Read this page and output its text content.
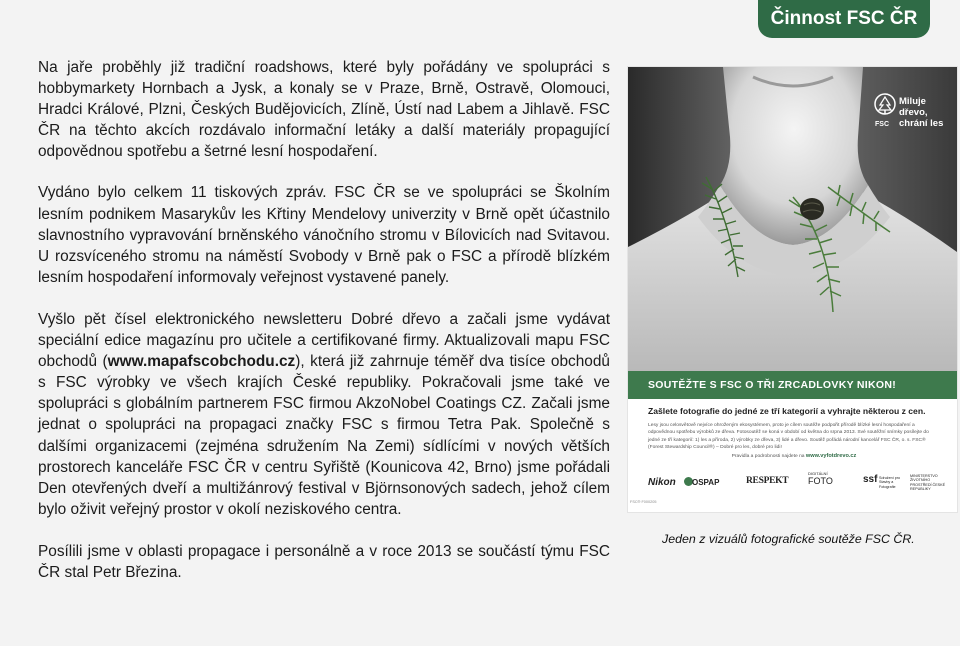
Činnost FSC ČR

Na jaře proběhly již tradiční roadshows, které byly pořádány ve spolupráci s hobbymarkety Hornbach a Jysk, a konaly se v Praze, Brně, Ostravě, Olomouci, Hradci Králové, Plzni, Českých Budějovicích, Zlíně, Ústí nad Labem a Jihlavě. FSC ČR na těchto akcích rozdávalo informační letáky a další materiály propagující odpovědnou spotřebu a šetrné lesní hospodaření.

Vydáno bylo celkem 11 tiskových zpráv. FSC ČR se ve spolupráci se Školním lesním podnikem Masarykův les Křtiny Mendelovy univerzity v Brně opět účastnilo slavnostního vypravování brněnského vánočního stromu v Bílovicích nad Svitavou. U rozsvíceného stromu na náměstí Svobody v Brně pak o FSC a přírodě blízkém lesním hospodaření informovaly veřejnost vystavené panely.

Vyšlo pět čísel elektronického newsletteru Dobré dřevo a začali jsme vydávat speciální edice magazínu pro učitele a certifikované firmy. Aktualizovali mapu FSC obchodů (www.mapafscobchodu.cz), která již zahrnuje téměř dva tisíce obchodů s FSC výrobky ve všech krajích České republiky. Pokračovali jsme také ve spolupráci s globálním partnerem FSC firmou AkzoNobel Coatings CZ. Začali jsme jednat o spolupráci na propagaci značky FSC s firmou Tetra Pak. Společně s dalšími organizacemi (zejména sdružením Na Zemi) sídlícími v nových větších prostorech kanceláře FSC ČR v centru Syřiště (Kounicova 42, Brno) jsme pořádali Den otevřených dveří a multižánrový festival v Björnsonových sadech, jehož cílem bylo oživit veřejný prostor v okolí neziskového centra.

Posílili jsme v oblasti propagace i personálně a v roce 2013 se součástí týmu FSC ČR stal Petr Březina.

FSC
Miluje dřevo,
chrání les
SOUTĚŽTE S FSC O TŘI ZRCADLOVKY NIKON!
Zašlete fotografie do jedné ze tří kategorií a vyhrajte některou z cen.
Lesy jsou celosvětově nejvíce ohroženým ekosystémem, proto je cílem soutěže podpořit přírodě blízké lesní hospodaření a odpovědnou spotřebu výrobků ze dřeva. Fotosoutěž se koná v období od května do srpna 2013. Své soutěžní snímky posílejte do jedné ze tří kategorií: 1) les a příroda, 2) výrobky ze dřeva, 3) lidé a dřevo. Soutěž pořádá národní kancelář FSC ČR, o. s. FSC® (Forest Stewardship Council®) – Dobré pro les, dobré pro lidi!
Pravidla a podrobnosti najdete na www.vyfotdrevo.cz
Nikon OSPAP	RESPEKT
DIGITÁLNÍ
FOTO	ssf Sdružení pro Stavby a Fotografie
MINISTERSTVO ŽIVOTNÍHO PROSTŘEDÍ ČESKÉ REPUBLIKY
FSC® F000205
Jeden z vizuálů fotografické soutěže FSC ČR.
